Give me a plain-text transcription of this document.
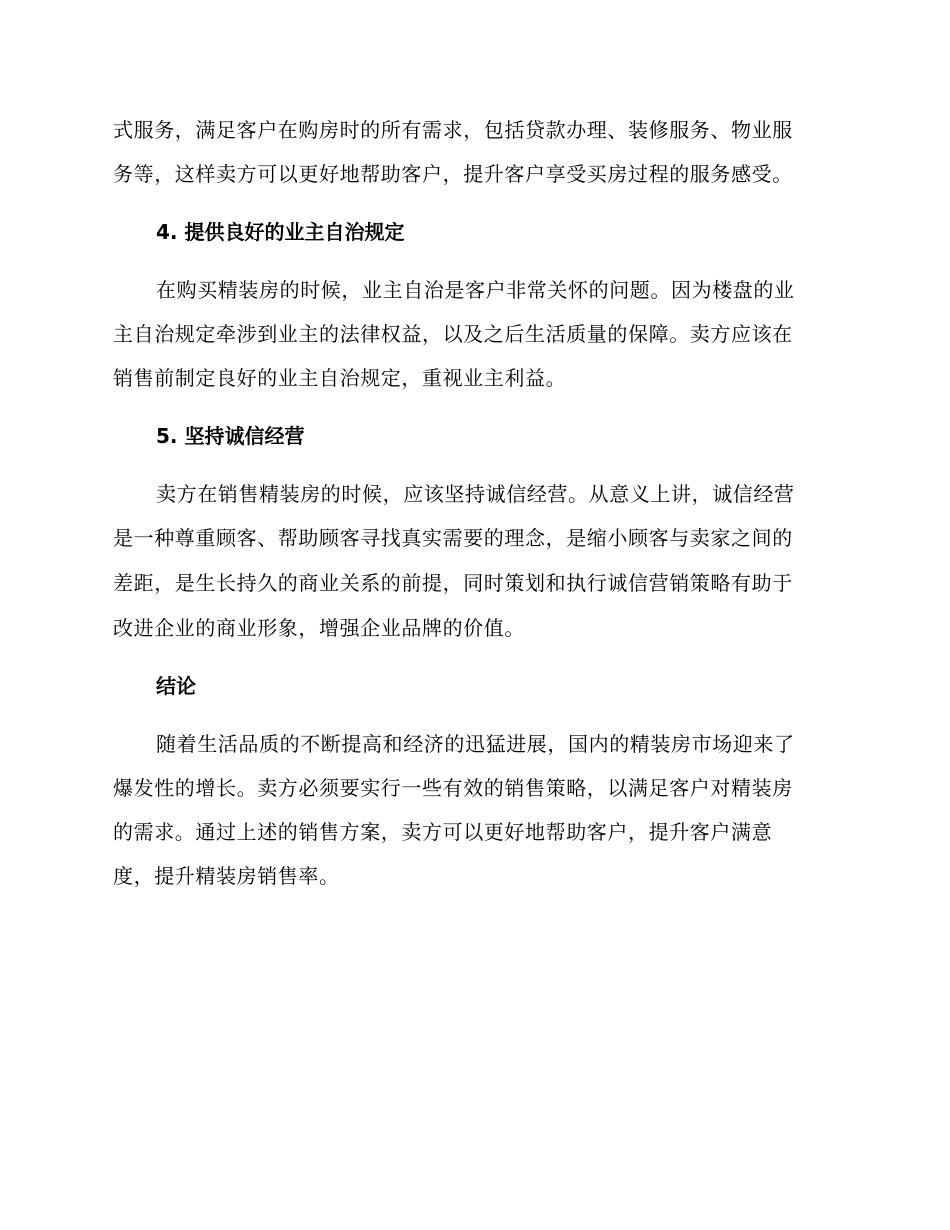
式服务，满足客户在购房时的所有需求，包括贷款办理、装修服务、物业服
务等，这样卖方可以更好地帮助客户，提升客户享受买房过程的服务感受。
4. 提供良好的业主自治规定
在购买精装房的时候，业主自治是客户非常关怀的问题。因为楼盘的业
主自治规定牵涉到业主的法律权益，以及之后生活质量的保障。卖方应该在
销售前制定良好的业主自治规定，重视业主利益。
5. 坚持诚信经营
卖方在销售精装房的时候，应该坚持诚信经营。从意义上讲，诚信经营
是一种尊重顾客、帮助顾客寻找真实需要的理念，是缩小顾客与卖家之间的
差距，是生长持久的商业关系的前提，同时策划和执行诚信营销策略有助于
改进企业的商业形象，增强企业品牌的价值。
结论
随着生活品质的不断提高和经济的迅猛进展，国内的精装房市场迎来了
爆发性的增长。卖方必须要实行一些有效的销售策略，以满足客户对精装房
的需求。通过上述的销售方案，卖方可以更好地帮助客户，提升客户满意
度，提升精装房销售率。
